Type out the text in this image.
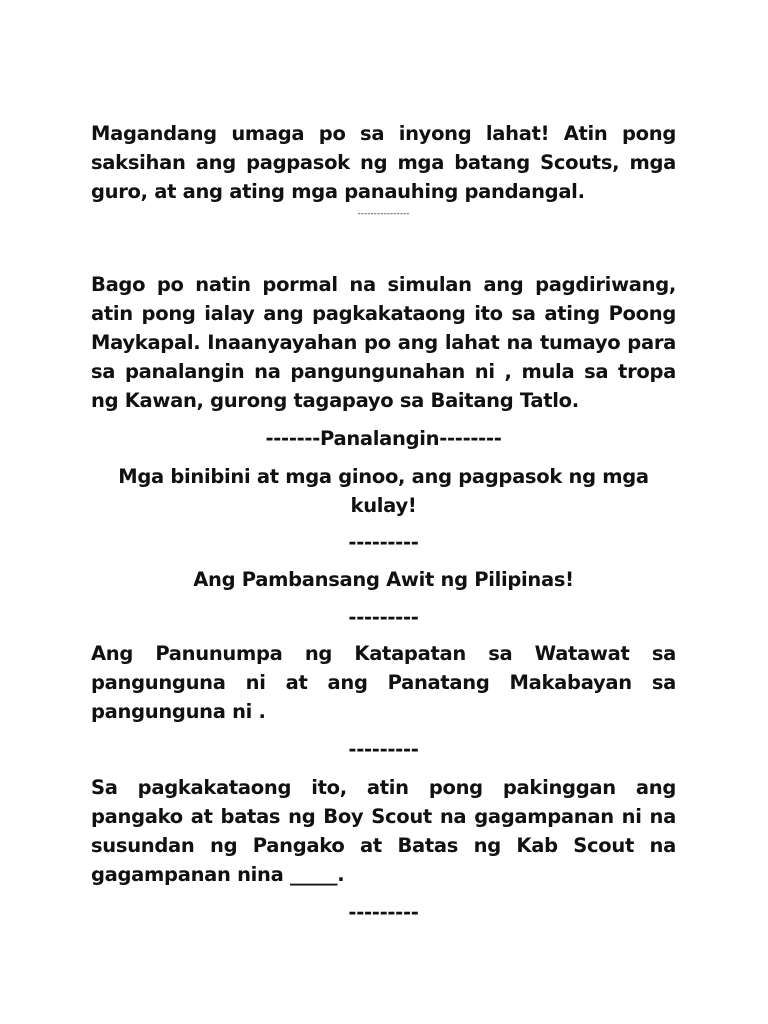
Magandang umaga po sa inyong lahat! Atin pong saksihan ang pagpasok ng mga batang Scouts, mga guro, at ang ating mga panauhing pandangal.

----------------

Bago po natin pormal na simulan ang pagdiriwang, atin pong ialay ang pagkakataong ito sa ating Poong Maykapal. Inaanyayahan po ang lahat na tumayo para sa panalangin na pangungunahan ni , mula sa tropa ng Kawan, gurong tagapayo sa Baitang Tatlo.

-------Panalangin--------

Mga binibini at mga ginoo, ang pagpasok ng mga kulay!

---------

Ang Pambansang Awit ng Pilipinas!

---------

Ang Panunumpa ng Katapatan sa Watawat sa pangunguna ni at ang Panatang Makabayan sa pangunguna ni .

---------

Sa pagkakataong ito, atin pong pakinggan ang pangako at batas ng Boy Scout na gagampanan ni na susundan ng Pangako at Batas ng Kab Scout na gagampanan nina _____.

---------
